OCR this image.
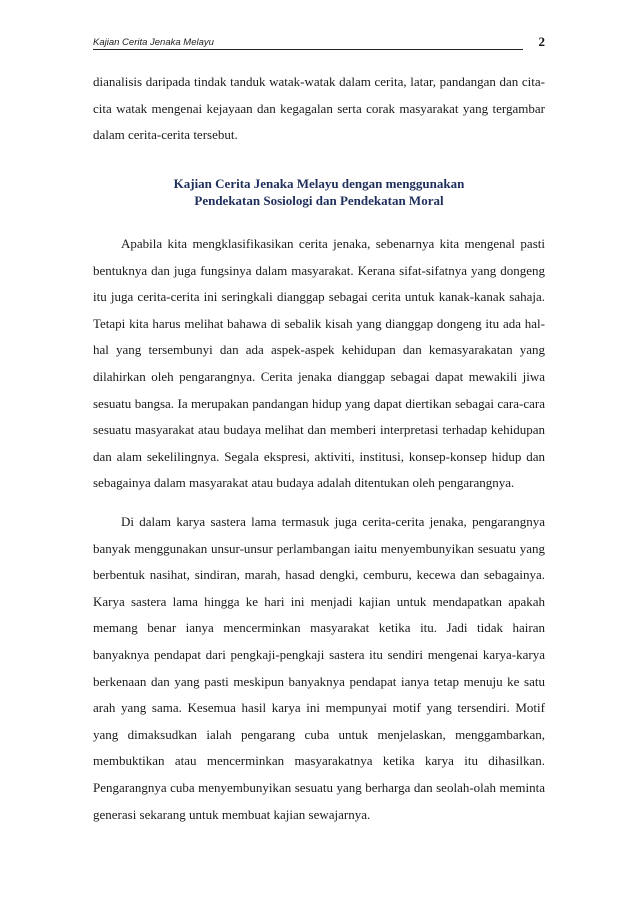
Kajian Cerita Jenaka Melayu	2

dianalisis daripada tindak tanduk watak-watak dalam cerita, latar, pandangan dan cita-cita watak mengenai kejayaan dan kegagalan serta corak masyarakat yang tergambar dalam cerita-cerita tersebut.

Kajian Cerita Jenaka Melayu dengan menggunakan
Pendekatan Sosiologi dan Pendekatan Moral

Apabila kita mengklasifikasikan cerita jenaka, sebenarnya kita mengenal pasti bentuknya dan juga fungsinya dalam masyarakat. Kerana sifat-sifatnya yang dongeng itu juga cerita-cerita ini seringkali dianggap sebagai cerita untuk kanak-kanak sahaja. Tetapi kita harus melihat bahawa di sebalik kisah yang dianggap dongeng itu ada hal-hal yang tersembunyi dan ada aspek-aspek kehidupan dan kemasyarakatan yang dilahirkan oleh pengarangnya. Cerita jenaka dianggap sebagai dapat mewakili jiwa sesuatu bangsa. Ia merupakan pandangan hidup yang dapat diertikan sebagai cara-cara sesuatu masyarakat atau budaya melihat dan memberi interpretasi terhadap kehidupan dan alam sekelilingnya. Segala ekspresi, aktiviti, institusi, konsep-konsep hidup dan sebagainya dalam masyarakat atau budaya adalah ditentukan oleh pengarangnya.

Di dalam karya sastera lama termasuk juga cerita-cerita jenaka, pengarangnya banyak menggunakan unsur-unsur perlambangan iaitu menyembunyikan sesuatu yang berbentuk nasihat, sindiran, marah, hasad dengki, cemburu, kecewa dan sebagainya. Karya sastera lama hingga ke hari ini menjadi kajian untuk mendapatkan apakah memang benar ianya mencerminkan masyarakat ketika itu. Jadi tidak hairan banyaknya pendapat dari pengkaji-pengkaji sastera itu sendiri mengenai karya-karya berkenaan dan yang pasti meskipun banyaknya pendapat ianya tetap menuju ke satu arah yang sama. Kesemua hasil karya ini mempunyai motif yang tersendiri. Motif yang dimaksudkan ialah pengarang cuba untuk menjelaskan, menggambarkan, membuktikan atau mencerminkan masyarakatnya ketika karya itu dihasilkan. Pengarangnya cuba menyembunyikan sesuatu yang berharga dan seolah-olah meminta generasi sekarang untuk membuat kajian sewajarnya.
